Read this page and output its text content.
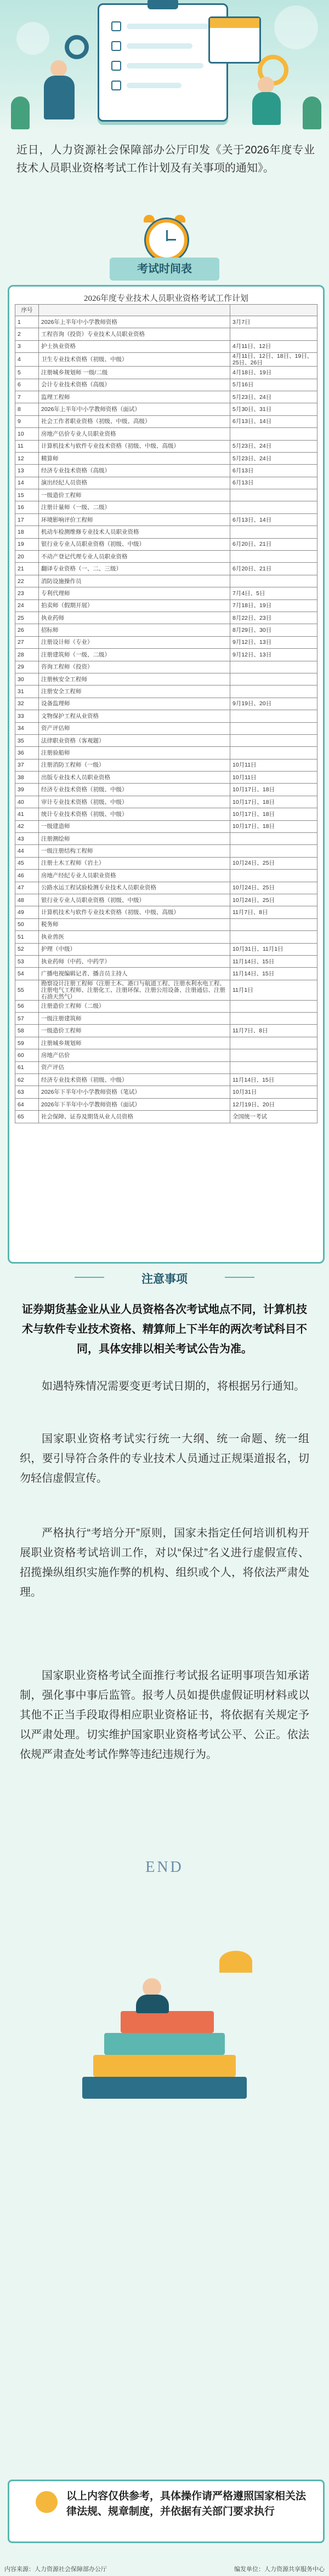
近日，人力资源社会保障部办公厅印发《关于2026年度专业技术人员职业资格考试工作计划及有关事项的通知》。
考试时间表
2026年度专业技术人员职业资格考试工作计划
序号		
1	2026年上半年中小学教师资格	3月7日
2	工程咨询（投资）专业技术人员职业资格	
3	护士执业资格	4月11日、12日
4	卫生专业技术资格（初级、中级）	4月11日、12日、18日、19日、25日、26日
5	注册城乡规划师 一级/二级	4月18日、19日
6	会计专业技术资格（高级）	5月16日
7	监理工程师	5月23日、24日
8	2026年上半年中小学教师资格（面试）	5月30日、31日
9	社会工作者职业资格（初级、中级、高级）	6月13日、14日
10	房地产估价专业人员职业资格	
11	计算机技术与软件专业技术资格（初级、中级、高级）	5月23日、24日
12	精算师	5月23日、24日
13	经济专业技术资格（高级）	6月13日
14	演出经纪人员资格	6月13日
15	一级造价工程师	
16	注册计量师（一级、二级）	
17	环境影响评价工程师	6月13日、14日
18	机动车检测维修专业技术人员职业资格	
19	银行业专业人员职业资格（初级、中级）	6月20日、21日
20	不动产登记代理专业人员职业资格	
21	翻译专业资格（一、二、三级）	6月20日、21日
22	消防设施操作员	
23	专利代理师	7月4日、5日
24	拍卖师（假期开展）	7月18日、19日
25	执业药师	8月22日、23日
26	招标师	8月29日、30日
27	注册设计师（专业）	9月12日、13日
28	注册建筑师（一级、二级）	9月12日、13日
29	咨询工程师（投资）	
30	注册核安全工程师	
31	注册安全工程师	
32	设备监理师	9月19日、20日
33	文物保护工程从业资格	
34	资产评估师	
35	法律职业资格（客观题）	
36	注册验船师	
37	注册消防工程师（一级）	10月11日
38	出版专业技术人员职业资格	10月11日
39	经济专业技术资格（初级、中级）	10月17日、18日
40	审计专业技术资格（初级、中级）	10月17日、18日
41	统计专业技术资格（初级、中级）	10月17日、18日
42	一级建造师	10月17日、18日
43	注册测绘师	
44	一级注册结构工程师	
45	注册土木工程师（岩土）	10月24日、25日
46	房地产经纪专业人员职业资格	
47	公路水运工程试验检测专业技术人员职业资格	10月24日、25日
48	银行业专业人员职业资格（初级、中级）	10月24日、25日
49	计算机技术与软件专业技术资格（初级、中级、高级）	11月7日、8日
50	税务师	
51	执业兽医	
52	护理（中级）	10月31日、11月1日
53	执业药师（中药、中药学）	11月14日、15日
54	广播电视编辑记者、播音员主持人	11月14日、15日
55	勘察设计注册工程师（注册土木、港口与航道工程、注册水利水电工程、注册电气工程师、注册化工、注册环保、注册公用设备、注册通信、注册石油天然气）	11月1日
56	注册造价工程师（二级）	
57	一级注册建筑师	
58	一级造价工程师	11月7日、8日
59	注册城乡规划师	
60	房地产估价	
61	资产评估	
62	经济专业技术资格（初级、中级）	11月14日、15日
63	2026年下半年中小学教师资格（笔试）	10月31日
64	2026年下半年中小学教师资格（面试）	12月19日、20日
65	社会保障、证券及期货从业人员资格	全国统一考试
注意事项
证券期货基金业从业人员资格各次考试地点不同，计算机技术与软件专业技术资格、精算师上下半年的两次考试科目不同，具体安排以相关考试公告为准。
如遇特殊情况需要变更考试日期的，将根据另行通知。
国家职业资格考试实行统一大纲、统一命题、统一组织，要引导符合条件的专业技术人员通过正规渠道报名，切勿轻信虚假宣传。
严格执行“考培分开”原则，国家未指定任何培训机构开展职业资格考试培训工作，对以“保过”名义进行虚假宣传、招揽操纵组织实施作弊的机构、组织或个人，将依法严肃处理。
国家职业资格考试全面推行考试报名证明事项告知承诺制，强化事中事后监管。报考人员如提供虚假证明材料或以其他不正当手段取得相应职业资格证书，将依据有关规定予以严肃处理。切实维护国家职业资格考试公平、公正。依法依规严肃查处考试作弊等违纪违规行为。
END
以上内容仅供参考，具体操作请严格遵照国家相关法律法规、规章制度，并依据有关部门要求执行
内容来源：人力资源社会保障部办公厅	编发单位：人力资源共享服务中心
